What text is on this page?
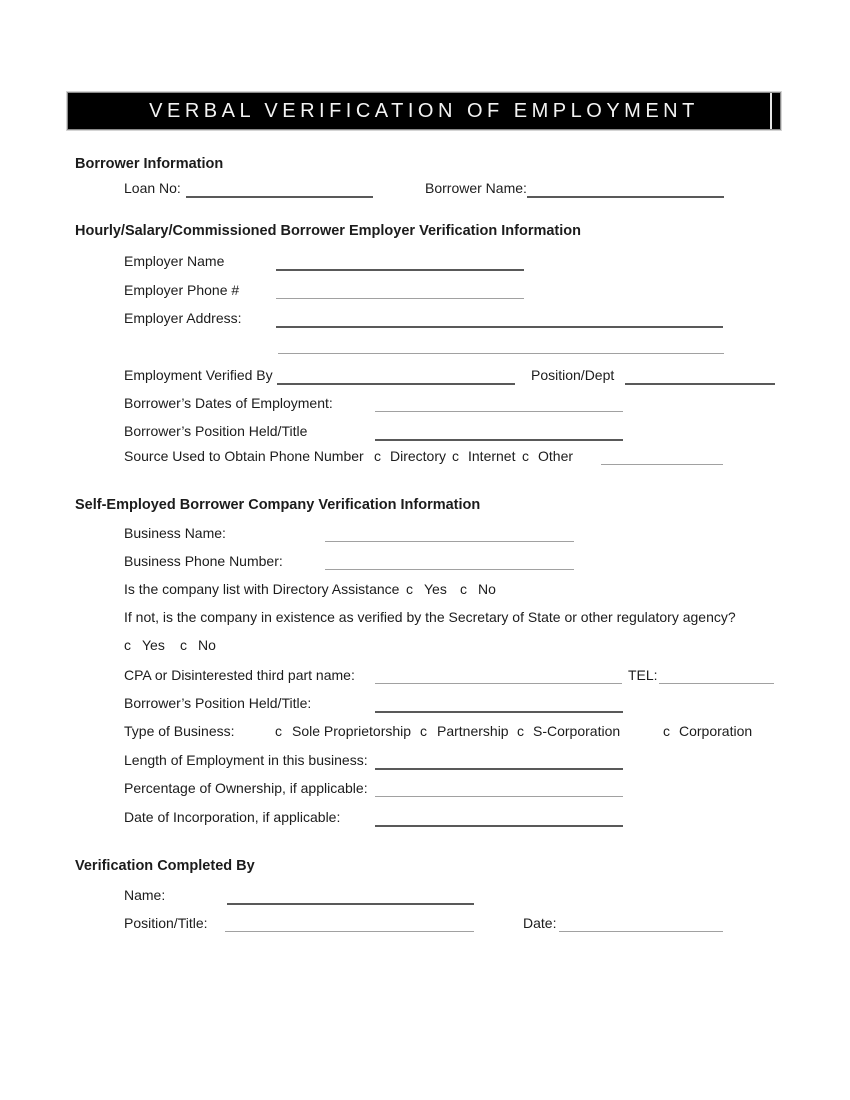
VERBAL VERIFICATION OF EMPLOYMENT
Borrower Information
Loan No:	Borrower Name:
Hourly/Salary/Commissioned Borrower Employer Verification Information
Employer Name
Employer Phone #
Employer Address:
Employment Verified By	Position/Dept
Borrower’s Dates of Employment:
Borrower’s Position Held/Title
Source Used to Obtain Phone Number c Directory c Internet c Other
Self-Employed Borrower Company Verification Information
Business Name:
Business Phone Number:
Is the company list with Directory Assistance c Yes c No
If not, is the company in existence as verified by the Secretary of State or other regulatory agency?
c Yes c No
CPA or Disinterested third part name:	TEL:
Borrower’s Position Held/Title:
Type of Business:	c Sole Proprietorship c Partnership c S-Corporation	c Corporation
Length of Employment in this business:
Percentage of Ownership, if applicable:
Date of Incorporation, if applicable:
Verification Completed By
Name:
Position/Title:	Date:
